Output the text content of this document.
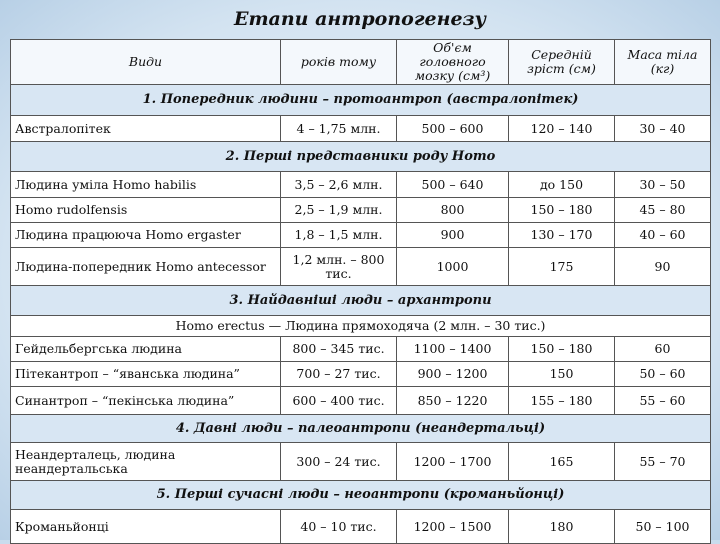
Етапи антропогенезу
Види	років тому	Об'єм головного мозку (см³)	Середній зріст (см)	Маса тіла (кг)
1. Попередник людини – протоантроп (австралопітек)				
Австралопітек	4 – 1,75 млн.	500 – 600	120 – 140	30 – 40
2. Перші представники роду Homo				
Людина уміла Homo habilis	3,5 – 2,6 млн.	500 – 640	до 150	30 – 50
Homo rudolfensis	2,5 – 1,9 млн.	800	150 – 180	45 – 80
Людина працююча Homo ergaster	1,8 – 1,5 млн.	900	130 – 170	40 – 60
Людина-попередник Homo antecessor	1,2 млн. – 800 тис.	1000	175	90
3. Найдавніші люди – архантропи				
Homo erectus — Людина прямоходяча (2 млн. – 30 тис.)				
Гейдельбергська людина	800 – 345 тис.	1100 – 1400	150 – 180	60
Пітекантроп – “яванська людина”	700 – 27 тис.	900 – 1200	150	50 – 60
Синантроп – “пекінська людина”	600 – 400 тис.	850 – 1220	155 – 180	55 – 60
4. Давні люди – палеоантропи (неандертальці)				
Неандерталець, людина неандертальська	300 – 24 тис.	1200 – 1700	165	55 – 70
5. Перші сучасні люди – неоантропи (кроманьйонці)				
Кроманьйонці	40 – 10 тис.	1200 – 1500	180	50 – 100
